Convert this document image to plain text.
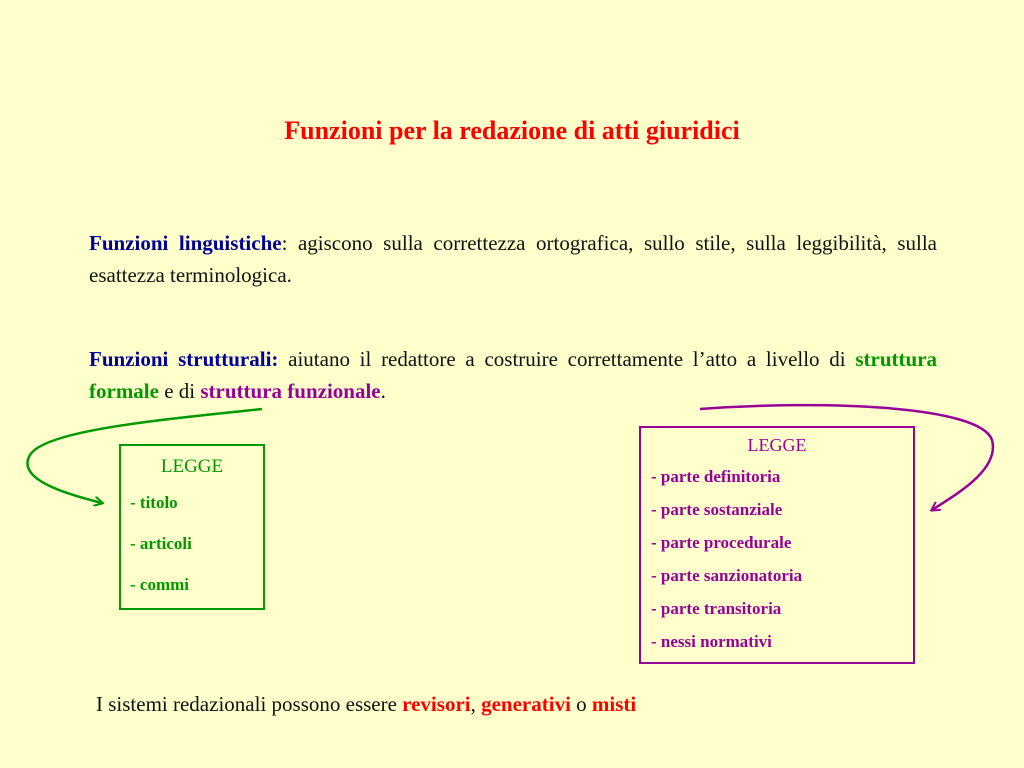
Funzioni per la redazione di atti giuridici
Funzioni linguistiche: agiscono sulla correttezza ortografica, sullo stile, sulla leggibilità, sulla esattezza terminologica.
Funzioni strutturali: aiutano il redattore a costruire correttamente l’atto a livello di struttura formale e di struttura funzionale.
LEGGE
- titolo
- articoli
- commi
LEGGE
- parte definitoria
- parte sostanziale
- parte procedurale
- parte sanzionatoria
- parte transitoria
- nessi normativi
I sistemi redazionali possono essere revisori, generativi o misti
